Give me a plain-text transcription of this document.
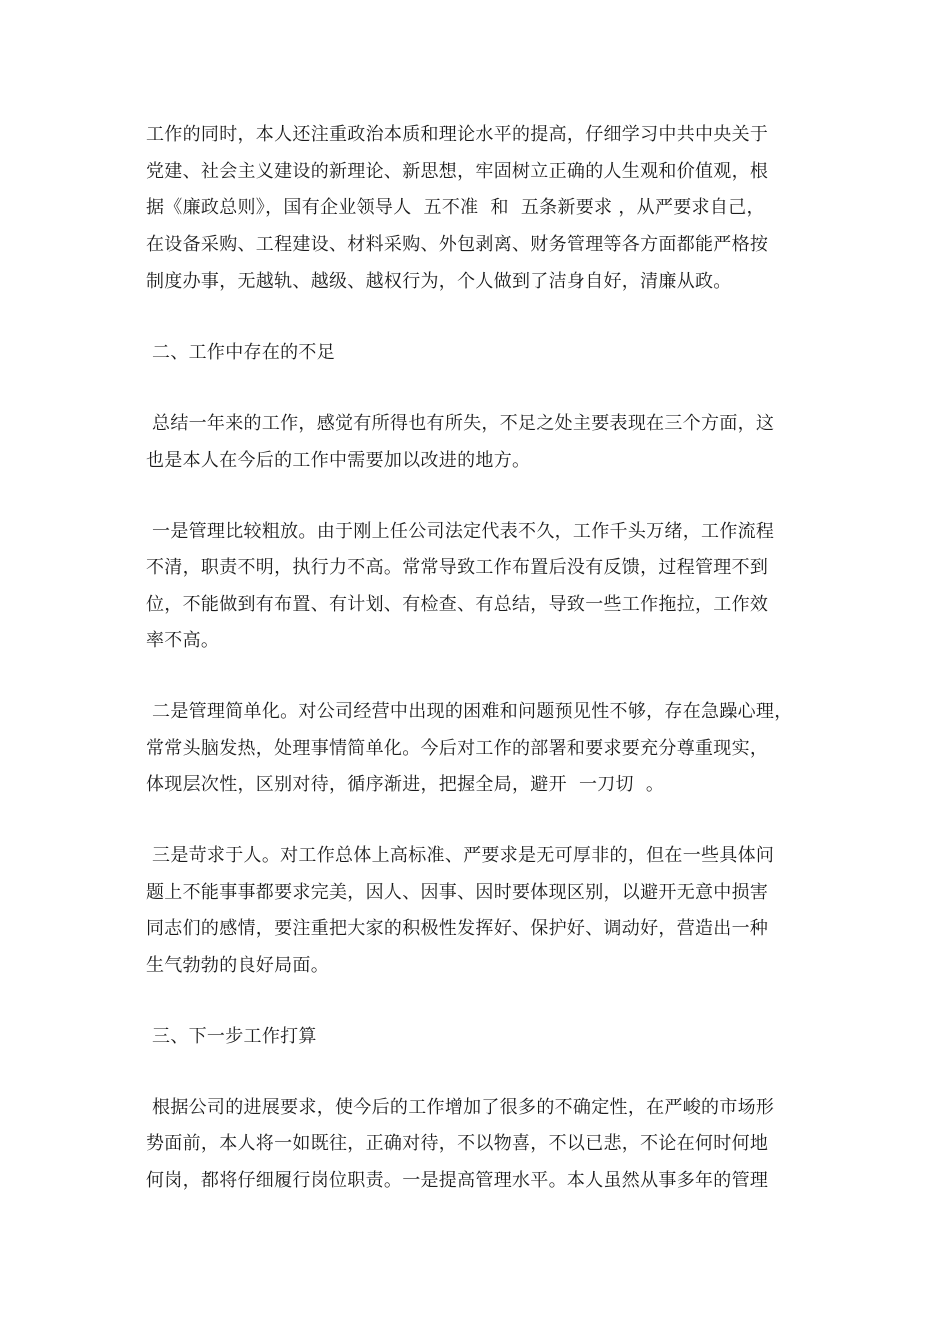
工作的同时，本人还注重政治本质和理论水平的提高，仔细学习中共中央关于
党建、社会主义建设的新理论、新思想，牢固树立正确的人生观和价值观，根
据《廉政总则》，国有企业领导人  五不准  和  五条新要求 ，从严要求自己，
在设备采购、工程建设、材料采购、外包剥离、财务管理等各方面都能严格按
制度办事，无越轨、越级、越权行为，个人做到了洁身自好，清廉从政。
二、工作中存在的不足
总结一年来的工作，感觉有所得也有所失，不足之处主要表现在三个方面，这
也是本人在今后的工作中需要加以改进的地方。
一是管理比较粗放。由于刚上任公司法定代表不久，工作千头万绪，工作流程
不清，职责不明，执行力不高。常常导致工作布置后没有反馈，过程管理不到
位，不能做到有布置、有计划、有检查、有总结，导致一些工作拖拉，工作效
率不高。
二是管理简单化。对公司经营中出现的困难和问题预见性不够，存在急躁心理，
常常头脑发热，处理事情简单化。今后对工作的部署和要求要充分尊重现实，
体现层次性，区别对待，循序渐进，把握全局，避开  一刀切  。
三是苛求于人。对工作总体上高标准、严要求是无可厚非的，但在一些具体问
题上不能事事都要求完美，因人、因事、因时要体现区别，以避开无意中损害
同志们的感情，要注重把大家的积极性发挥好、保护好、调动好，营造出一种
生气勃勃的良好局面。
三、下一步工作打算
根据公司的进展要求，使今后的工作增加了很多的不确定性，在严峻的市场形
势面前，本人将一如既往，正确对待，不以物喜，不以已悲，不论在何时何地
何岗，都将仔细履行岗位职责。一是提高管理水平。本人虽然从事多年的管理
